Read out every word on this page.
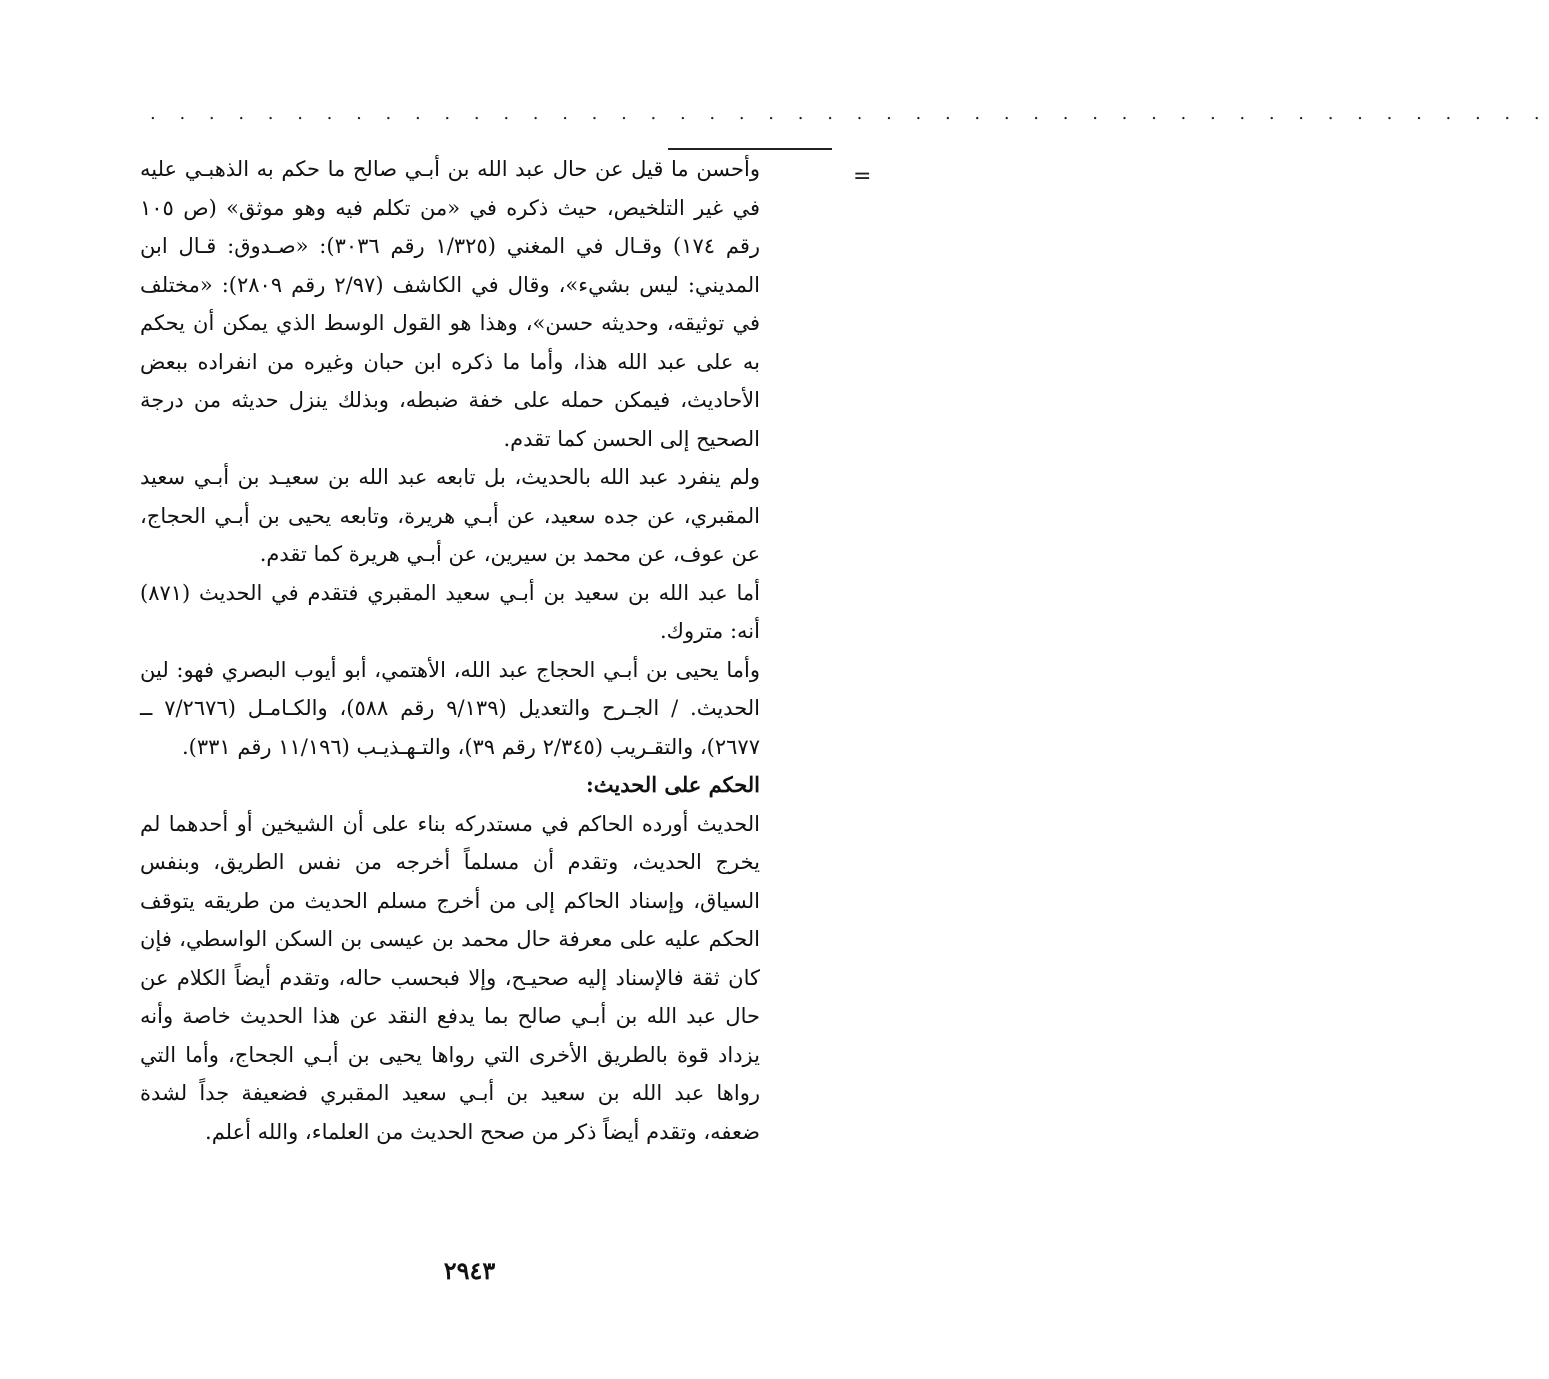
. . . . . . . . . . . . . . . . . . . . . . . . . . . . . . . . . . . . . . . . . . . . . . . .
=

وأحسن ما قيل عن حال عبد الله بن أبـي صالح ما حكم به الذهبـي عليه في غير التلخيص، حيث ذكره في «من تكلم فيه وهو موثق» (ص ١٠٥ رقم ١٧٤) وقـال في المغني (١/٣٢٥ رقم ٣٠٣٦): «صـدوق: قـال ابن المديني: ليس بشيء»، وقال في الكاشف (٢/٩٧ رقم ٢٨٠٩): «مختلف في توثيقه، وحديثه حسن»، وهذا هو القول الوسط الذي يمكن أن يحكم به على عبد الله هذا، وأما ما ذكره ابن حبان وغيره من انفراده ببعض الأحاديث، فيمكن حمله على خفة ضبطه، وبذلك ينزل حديثه من درجة الصحيح إلى الحسن كما تقدم.

ولم ينفرد عبد الله بالحديث، بل تابعه عبد الله بن سعيـد بن أبـي سعيد المقبري، عن جده سعيد، عن أبـي هريرة، وتابعه يحيى بن أبـي الحجاج، عن عوف، عن محمد بن سيرين، عن أبـي هريرة كما تقدم.

أما عبد الله بن سعيد بن أبـي سعيد المقبري فتقدم في الحديث (٨٧١) أنه: متروك.

وأما يحيى بن أبـي الحجاج عبد الله، الأهتمي، أبو أيوب البصري فهو: لين الحديث. / الجـرح والتعديل (٩/١٣٩ رقم ٥٨٨)، والكـامـل (٧/٢٦٧٦ ــ ٢٦٧٧)، والتقـريب (٢/٣٤٥ رقم ٣٩)، والتـهـذيـب (١١/١٩٦ رقم ٣٣١).

الحكم على الحديث:

الحديث أورده الحاكم في مستدركه بناء على أن الشيخين أو أحدهما لم يخرج الحديث، وتقدم أن مسلماً أخرجه من نفس الطريق، وبنفس السياق، وإسناد الحاكم إلى من أخرج مسلم الحديث من طريقه يتوقف الحكم عليه على معرفة حال محمد بن عيسى بن السكن الواسطي، فإن كان ثقة فالإسناد إليه صحيـح، وإلا فبحسب حاله، وتقدم أيضاً الكلام عن حال عبد الله بن أبـي صالح بما يدفع النقد عن هذا الحديث خاصة وأنه يزداد قوة بالطريق الأخرى التي رواها يحيى بن أبـي الجحاج، وأما التي رواها عبد الله بن سعيد بن أبـي سعيد المقبري فضعيفة جداً لشدة ضعفه، وتقدم أيضاً ذكر من صحح الحديث من العلماء، والله أعلم.

٢٩٤٣
